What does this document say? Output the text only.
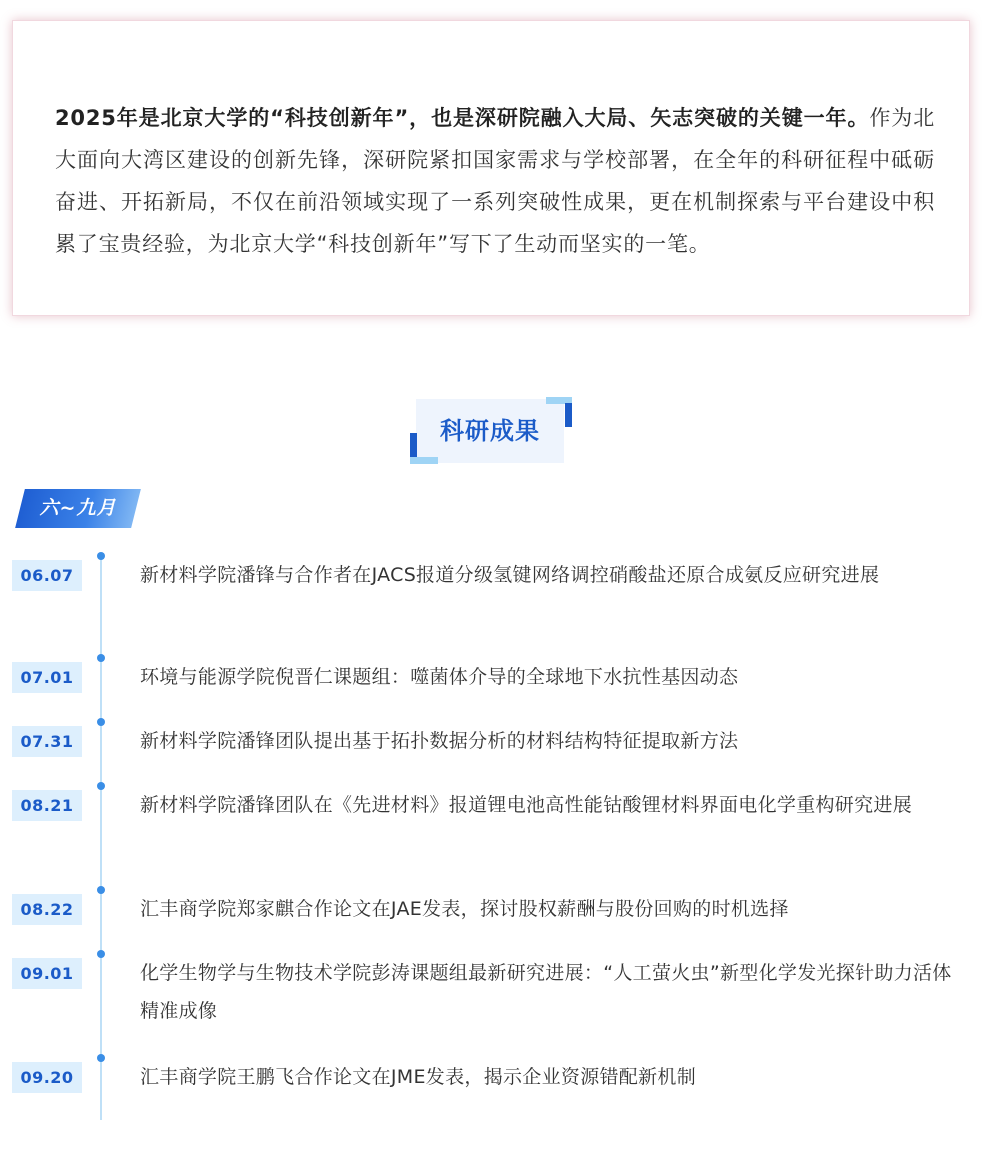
2025年是北京大学的“科技创新年”，也是深研院融入大局、矢志突破的关键一年。作为北大面向大湾区建设的创新先锋，深研院紧扣国家需求与学校部署，在全年的科研征程中砥砺奋进、开拓新局，不仅在前沿领域实现了一系列突破性成果，更在机制探索与平台建设中积累了宝贵经验，为北京大学“科技创新年”写下了生动而坚实的一笔。

科研成果
六~九月
06.07	新材料学院潘锋与合作者在JACS报道分级氢键网络调控硝酸盐还原合成氨反应研究进展

07.01	环境与能源学院倪晋仁课题组：噬菌体介导的全球地下水抗性基因动态

07.31	新材料学院潘锋团队提出基于拓扑数据分析的材料结构特征提取新方法

08.21	新材料学院潘锋团队在《先进材料》报道锂电池高性能钴酸锂材料界面电化学重构研究进展

08.22	汇丰商学院郑家麒合作论文在JAE发表，探讨股权薪酬与股份回购的时机选择

09.01	化学生物学与生物技术学院彭涛课题组最新研究进展：“人工萤火虫”新型化学发光探针助力活体精准成像

09.20	汇丰商学院王鹏飞合作论文在JME发表，揭示企业资源错配新机制
